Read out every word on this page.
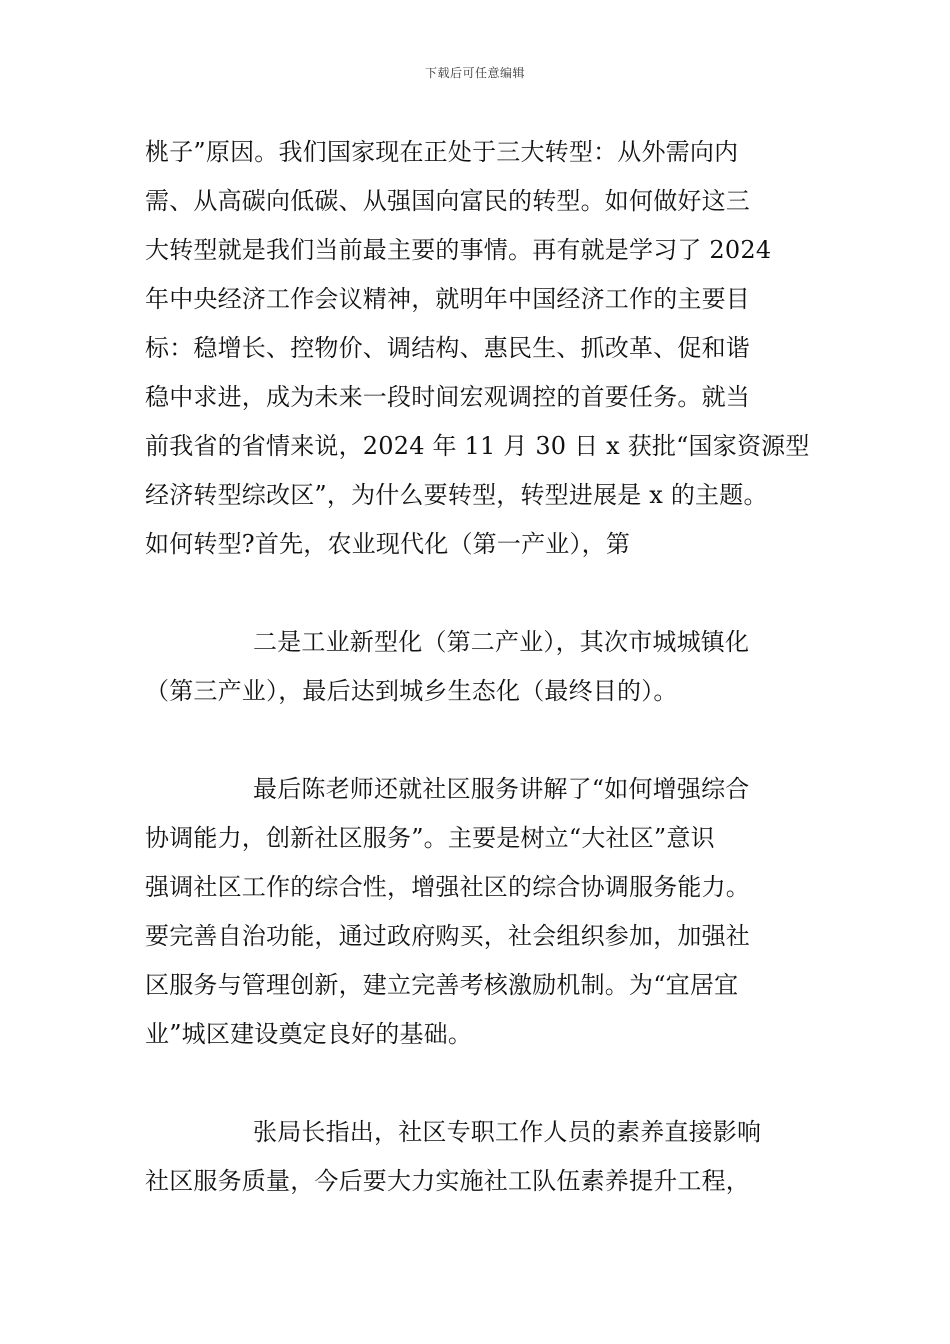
下载后可任意编辑
桃子”原因。我们国家现在正处于三大转型：从外需向内
需、从高碳向低碳、从强国向富民的转型。如何做好这三
大转型就是我们当前最主要的事情。再有就是学习了 2024
年中央经济工作会议精神，就明年中国经济工作的主要目
标：稳增长、控物价、调结构、惠民生、抓改革、促和谐
稳中求进，成为未来一段时间宏观调控的首要任务。就当
前我省的省情来说，2024 年 11 月 30 日 x 获批“国家资源型
经济转型综改区”，为什么要转型，转型进展是 x 的主题。
如何转型?首先，农业现代化（第一产业），第
二是工业新型化（第二产业），其次市城城镇化
（第三产业），最后达到城乡生态化（最终目的）。
最后陈老师还就社区服务讲解了“如何增强综合
协调能力，创新社区服务”。主要是树立“大社区”意识
强调社区工作的综合性，增强社区的综合协调服务能力。
要完善自治功能，通过政府购买，社会组织参加，加强社
区服务与管理创新，建立完善考核激励机制。为“宜居宜
业”城区建设奠定良好的基础。
张局长指出，社区专职工作人员的素养直接影响
社区服务质量，今后要大力实施社工队伍素养提升工程，
